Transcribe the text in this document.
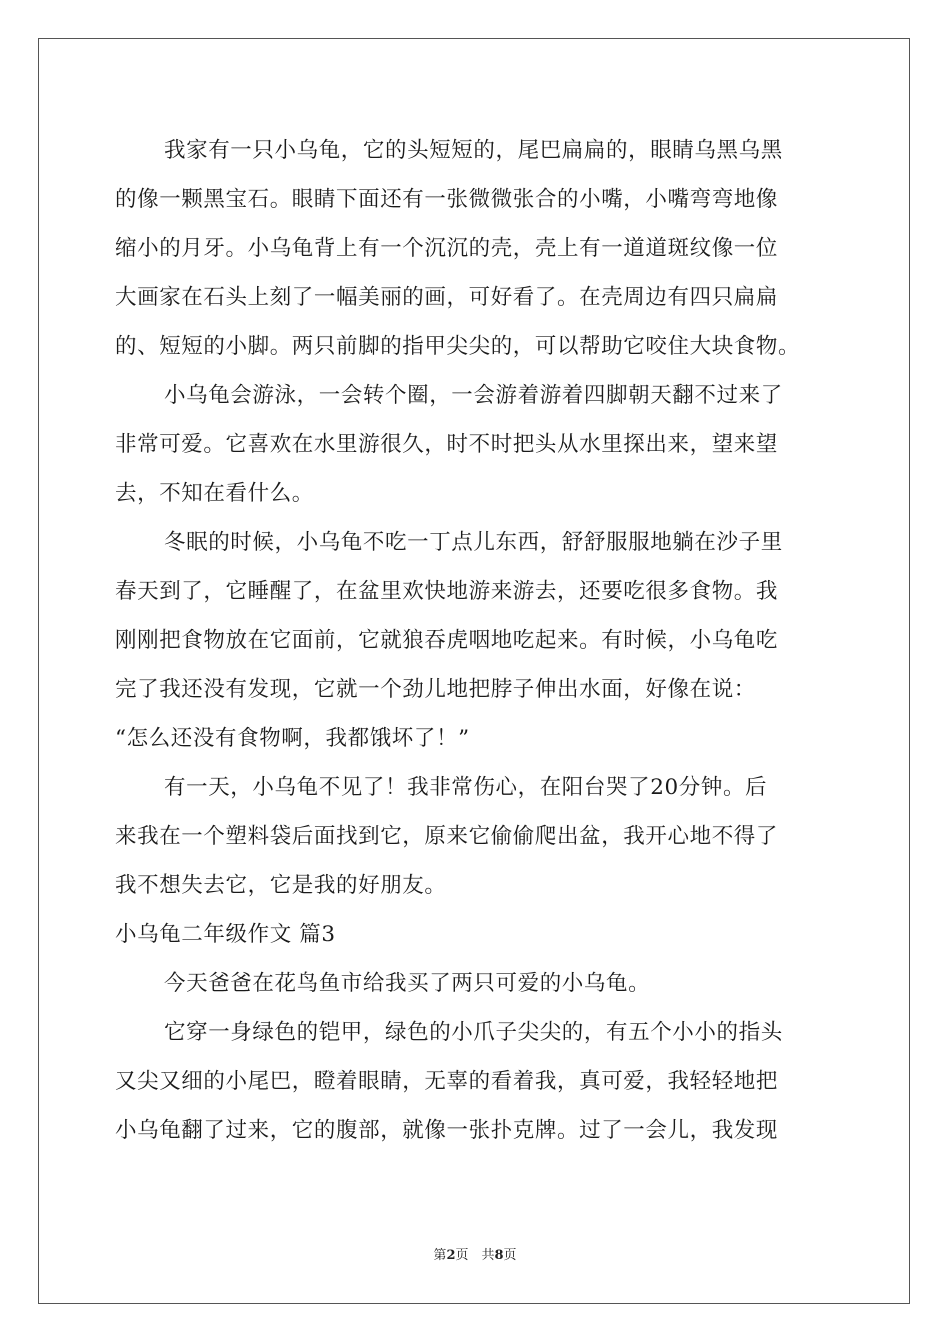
我家有一只小乌龟，它的头短短的，尾巴扁扁的，眼睛乌黑乌黑
的像一颗黑宝石。眼睛下面还有一张微微张合的小嘴，小嘴弯弯地像
缩小的月牙。小乌龟背上有一个沉沉的壳，壳上有一道道斑纹像一位
大画家在石头上刻了一幅美丽的画，可好看了。在壳周边有四只扁扁
的、短短的小脚。两只前脚的指甲尖尖的，可以帮助它咬住大块食物。
小乌龟会游泳，一会转个圈，一会游着游着四脚朝天翻不过来了
非常可爱。它喜欢在水里游很久，时不时把头从水里探出来，望来望
去，不知在看什么。
冬眠的时候，小乌龟不吃一丁点儿东西，舒舒服服地躺在沙子里
春天到了，它睡醒了，在盆里欢快地游来游去，还要吃很多食物。我
刚刚把食物放在它面前，它就狼吞虎咽地吃起来。有时候，小乌龟吃
完了我还没有发现，它就一个劲儿地把脖子伸出水面，好像在说：
“怎么还没有食物啊，我都饿坏了！”
有一天，小乌龟不见了！我非常伤心，在阳台哭了20分钟。后
来我在一个塑料袋后面找到它，原来它偷偷爬出盆，我开心地不得了
我不想失去它，它是我的好朋友。
小乌龟二年级作文 篇3
今天爸爸在花鸟鱼市给我买了两只可爱的小乌龟。
它穿一身绿色的铠甲，绿色的小爪子尖尖的，有五个小小的指头
又尖又细的小尾巴，瞪着眼睛，无辜的看着我，真可爱，我轻轻地把
小乌龟翻了过来，它的腹部，就像一张扑克牌。过了一会儿，我发现
第2页　共8页
